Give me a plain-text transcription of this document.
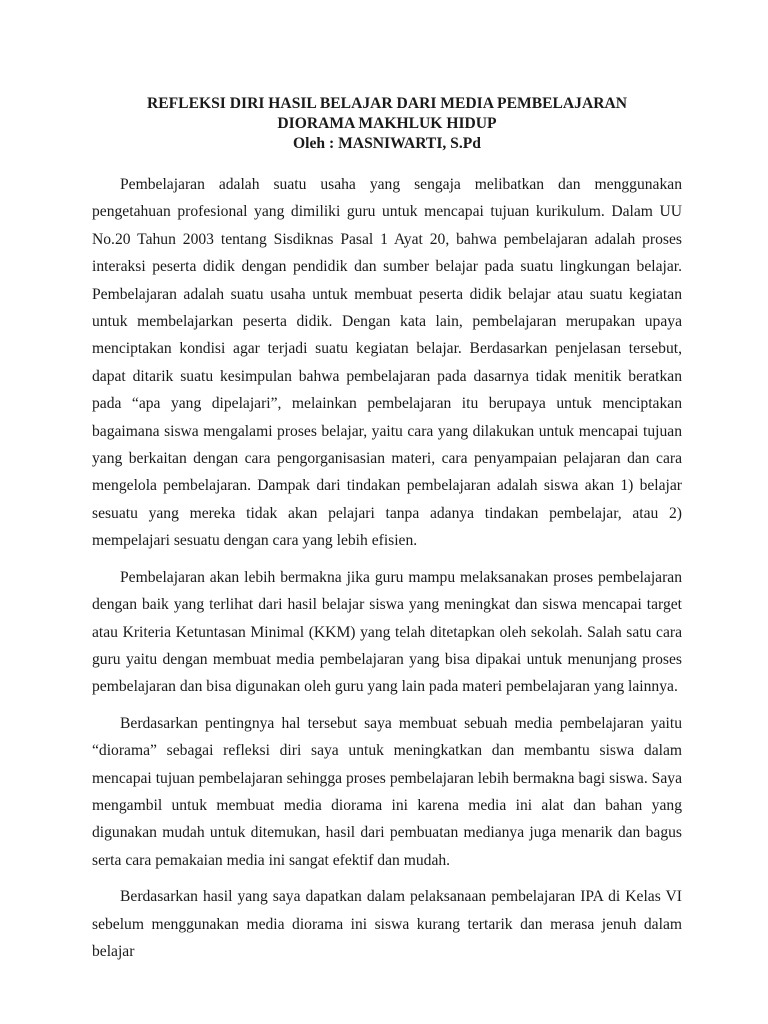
REFLEKSI DIRI HASIL BELAJAR DARI MEDIA PEMBELAJARAN
DIORAMA MAKHLUK HIDUP
Oleh : MASNIWARTI, S.Pd

Pembelajaran adalah suatu usaha yang sengaja melibatkan dan menggunakan pengetahuan profesional yang dimiliki guru untuk mencapai tujuan kurikulum. Dalam UU No.20 Tahun 2003 tentang Sisdiknas Pasal 1 Ayat 20, bahwa pembelajaran adalah proses interaksi peserta didik dengan pendidik dan sumber belajar pada suatu lingkungan belajar. Pembelajaran adalah suatu usaha untuk membuat peserta didik belajar atau suatu kegiatan untuk membelajarkan peserta didik. Dengan kata lain, pembelajaran merupakan upaya menciptakan kondisi agar terjadi suatu kegiatan belajar. Berdasarkan penjelasan tersebut, dapat ditarik suatu kesimpulan bahwa pembelajaran pada dasarnya tidak menitik beratkan pada “apa yang dipelajari”, melainkan pembelajaran itu berupaya untuk menciptakan bagaimana siswa mengalami proses belajar, yaitu cara yang dilakukan untuk mencapai tujuan yang berkaitan dengan cara pengorganisasian materi, cara penyampaian pelajaran dan cara mengelola pembelajaran. Dampak dari tindakan pembelajaran adalah siswa akan 1) belajar sesuatu yang mereka tidak akan pelajari tanpa adanya tindakan pembelajar, atau 2) mempelajari sesuatu dengan cara yang lebih efisien.

Pembelajaran akan lebih bermakna jika guru mampu melaksanakan proses pembelajaran dengan baik yang terlihat dari hasil belajar siswa yang meningkat dan siswa mencapai target atau Kriteria Ketuntasan Minimal (KKM) yang telah ditetapkan oleh sekolah. Salah satu cara guru yaitu dengan membuat media pembelajaran yang bisa dipakai untuk menunjang proses pembelajaran dan bisa digunakan oleh guru yang lain pada materi pembelajaran yang lainnya.

Berdasarkan pentingnya hal tersebut saya membuat sebuah media pembelajaran yaitu “diorama” sebagai refleksi diri saya untuk meningkatkan dan membantu siswa dalam mencapai tujuan pembelajaran sehingga proses pembelajaran lebih bermakna bagi siswa. Saya mengambil untuk membuat media diorama ini karena media ini alat dan bahan yang digunakan mudah untuk ditemukan, hasil dari pembuatan medianya juga menarik dan bagus serta cara pemakaian media ini sangat efektif dan mudah.

Berdasarkan hasil yang saya dapatkan dalam pelaksanaan pembelajaran IPA di Kelas VI sebelum menggunakan media diorama ini siswa kurang tertarik dan merasa jenuh dalam belajar
